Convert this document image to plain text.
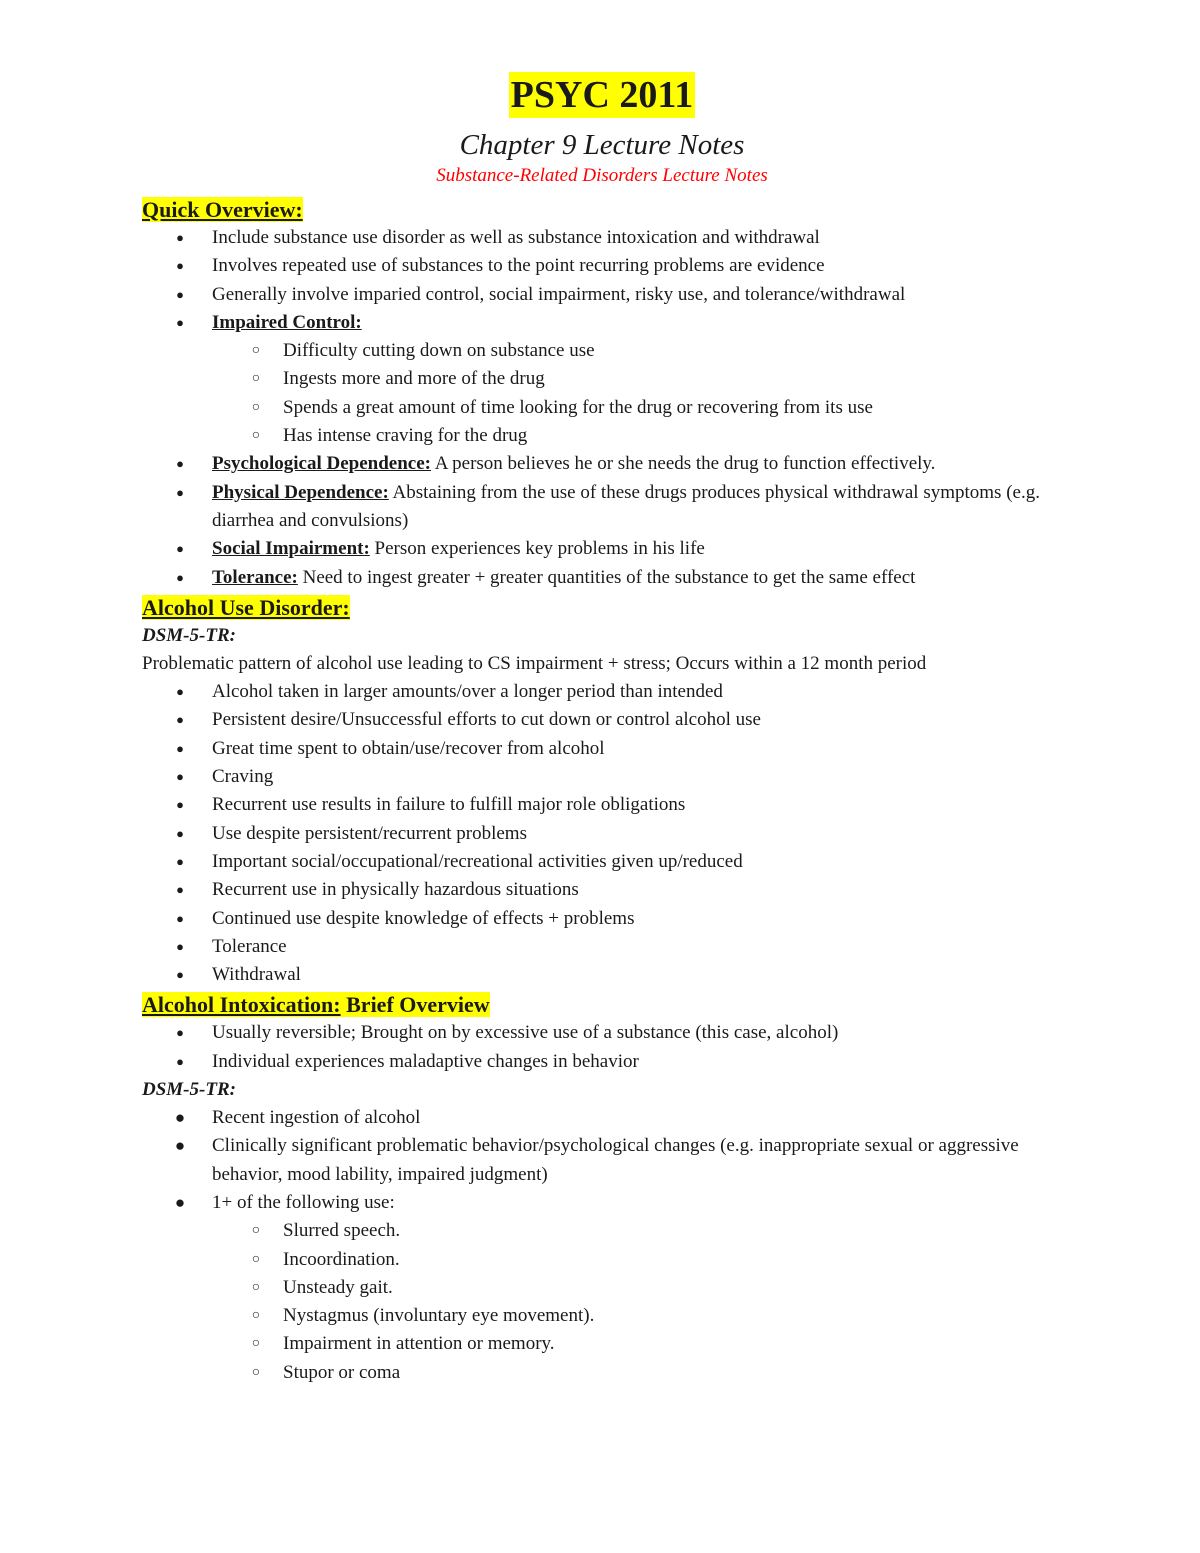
PSYC 2011
Chapter 9 Lecture Notes
Substance-Related Disorders Lecture Notes
Quick Overview:
●	Include substance use disorder as well as substance intoxication and withdrawal
●	Involves repeated use of substances to the point recurring problems are evidence
●	Generally involve imparied control, social impairment, risky use, and tolerance/withdrawal
●	Impaired Control:
○	Difficulty cutting down on substance use
○	Ingests more and more of the drug
○	Spends a great amount of time looking for the drug or recovering from its use
○	Has intense craving for the drug
●	Psychological Dependence: A person believes he or she needs the drug to function effectively.
●	Physical Dependence: Abstaining from the use of these drugs produces physical withdrawal symptoms (e.g. diarrhea and convulsions)
●	Social Impairment: Person experiences key problems in his life
●	Tolerance: Need to ingest greater + greater quantities of the substance to get the same effect
Alcohol Use Disorder:
DSM-5-TR:
Problematic pattern of alcohol use leading to CS impairment + stress; Occurs within a 12 month period
●	Alcohol taken in larger amounts/over a longer period than intended
●	Persistent desire/Unsuccessful efforts to cut down or control alcohol use
●	Great time spent to obtain/use/recover from alcohol
●	Craving
●	Recurrent use results in failure to fulfill major role obligations
●	Use despite persistent/recurrent problems
●	Important social/occupational/recreational activities given up/reduced
●	Recurrent use in physically hazardous situations
●	Continued use despite knowledge of effects + problems
●	Tolerance
●	Withdrawal
Alcohol Intoxication: Brief Overview
●	Usually reversible; Brought on by excessive use of a substance (this case, alcohol)
●	Individual experiences maladaptive changes in behavior
DSM-5-TR:
● Recent ingestion of alcohol
● Clinically significant problematic behavior/psychological changes (e.g. inappropriate sexual or aggressive behavior, mood lability, impaired judgment)
● 1+ of the following use:
○	Slurred speech.
○	Incoordination.
○	Unsteady gait.
○	Nystagmus (involuntary eye movement).
○	Impairment in attention or memory.
○	Stupor or coma
